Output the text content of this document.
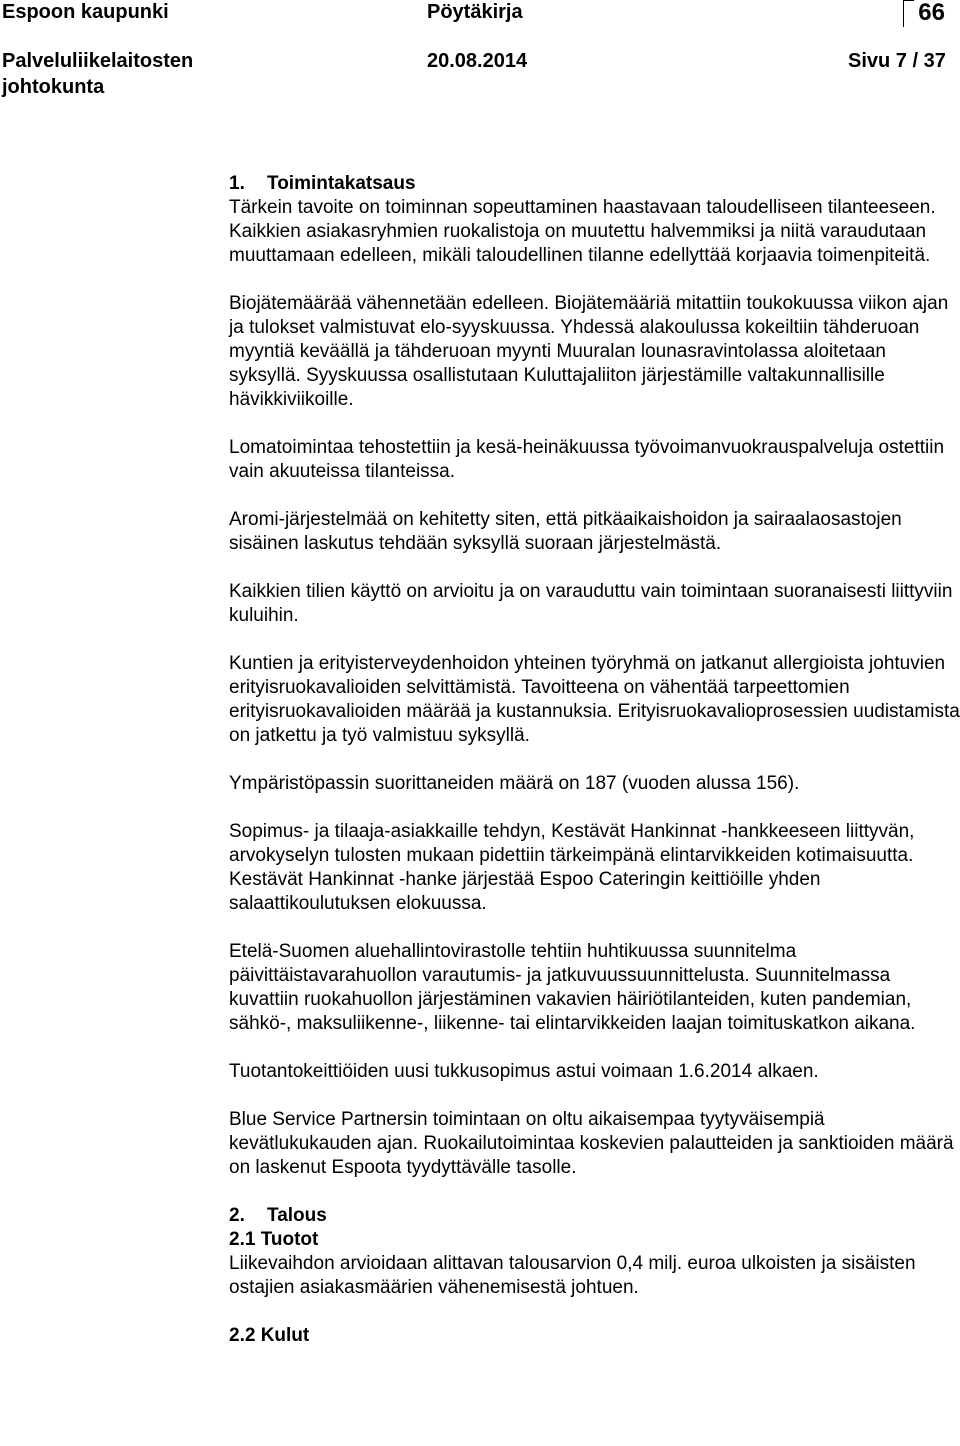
Espoon kaupunki	Pöytäkirja	66
Palveluliikelaitosten johtokunta
20.08.2014	Sivu 7 / 37
1. Toimintakatsaus

Tärkein tavoite on toiminnan sopeuttaminen haastavaan taloudelliseen tilanteeseen. Kaikkien asiakasryhmien ruokalistoja on muutettu halvemmiksi ja niitä varaudutaan muuttamaan edelleen, mikäli taloudellinen tilanne edellyttää korjaavia toimenpiteitä.

Biojätemäärää vähennetään edelleen. Biojätemääriä mitattiin toukokuussa viikon ajan ja tulokset valmistuvat elo-syyskuussa. Yhdessä alakoulussa kokeiltiin tähderuoan myyntiä keväällä ja tähderuoan myynti Muuralan lounasravintolassa aloitetaan syksyllä. Syyskuussa osallistutaan Kuluttajaliiton järjestämille valtakunnallisille hävikkiviikoille.

Lomatoimintaa tehostettiin ja kesä-heinäkuussa työvoimanvuokrauspalveluja ostettiin vain akuuteissa tilanteissa.

Aromi-järjestelmää on kehitetty siten, että pitkäaikaishoidon ja sairaalaosastojen sisäinen laskutus tehdään syksyllä suoraan järjestelmästä.

Kaikkien tilien käyttö on arvioitu ja on varauduttu vain toimintaan suoranaisesti liittyviin kuluihin.

Kuntien ja erityisterveydenhoidon yhteinen työryhmä on jatkanut allergioista johtuvien erityisruokavalioiden selvittämistä. Tavoitteena on vähentää tarpeettomien erityisruokavalioiden määrää ja kustannuksia. Erityisruokavalioprosessien uudistamista on jatkettu ja työ valmistuu syksyllä.

Ympäristöpassin suorittaneiden määrä on 187 (vuoden alussa 156).

Sopimus- ja tilaaja-asiakkaille tehdyn, Kestävät Hankinnat -hankkeeseen liittyvän, arvokyselyn tulosten mukaan pidettiin tärkeimpänä elintarvikkeiden kotimaisuutta. Kestävät Hankinnat -hanke järjestää Espoo Cateringin keittiöille yhden salaattikoulutuksen elokuussa.

Etelä-Suomen aluehallintovirastolle tehtiin huhtikuussa suunnitelma päivittäistavarahuollon varautumis- ja jatkuvuussuunnittelusta. Suunnitelmassa kuvattiin ruokahuollon järjestäminen vakavien häiriötilanteiden, kuten pandemian, sähkö-, maksuliikenne-, liikenne- tai elintarvikkeiden laajan toimituskatkon aikana.

Tuotantokeittiöiden uusi tukkusopimus astui voimaan 1.6.2014 alkaen.

Blue Service Partnersin toimintaan on oltu aikaisempaa tyytyväisempiä kevätlukukauden ajan. Ruokailutoimintaa koskevien palautteiden ja sanktioiden määrä on laskenut Espoota tyydyttävälle tasolle.

2. Talous
2.1 Tuotot

Liikevaihdon arvioidaan alittavan talousarvion 0,4 milj. euroa ulkoisten ja sisäisten ostajien asiakasmäärien vähenemisestä johtuen.

2.2 Kulut
